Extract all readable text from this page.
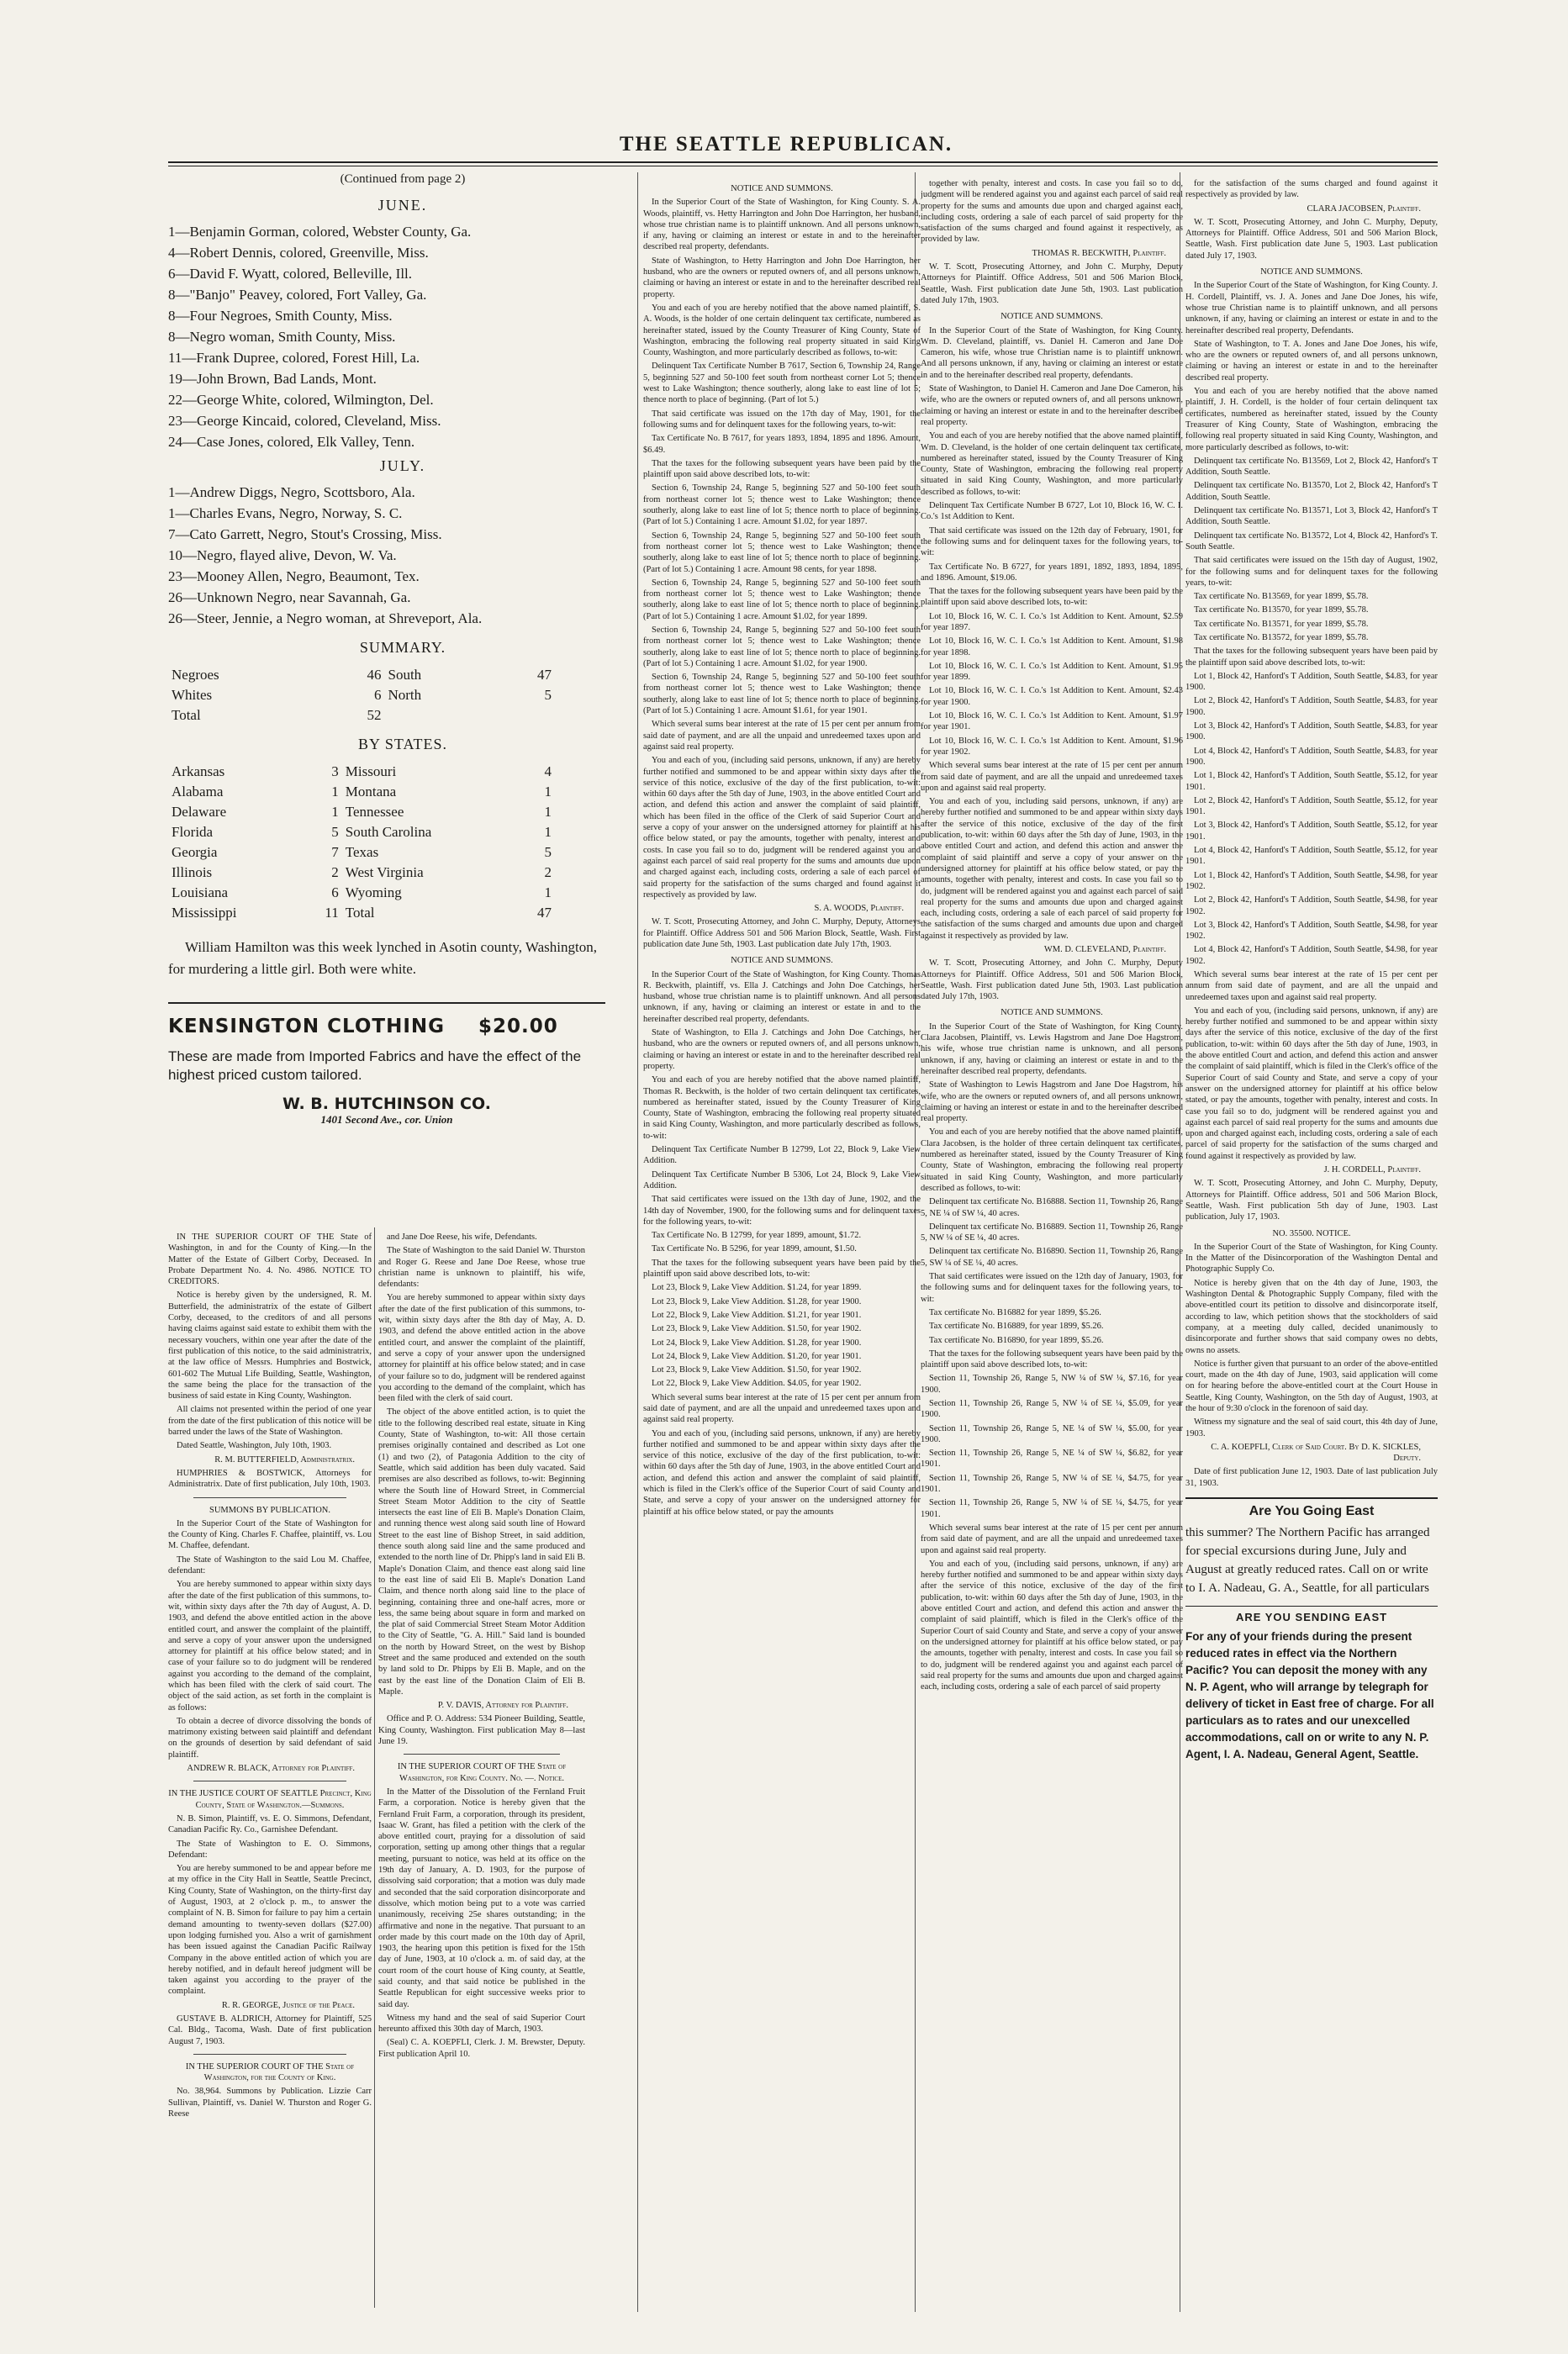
THE SEATTLE REPUBLICAN.
(Continued from page 2)
JUNE.
1—Benjamin Gorman, colored, Webster County, Ga.
4—Robert Dennis, colored, Greenville, Miss.
6—David F. Wyatt, colored, Belleville, Ill.
8—"Banjo" Peavey, colored, Fort Valley, Ga.
8—Four Negroes, Smith County, Miss.
8—Negro woman, Smith County, Miss.
11—Frank Dupree, colored, Forest Hill, La.
19—John Brown, Bad Lands, Mont.
22—George White, colored, Wilmington, Del.
23—George Kincaid, colored, Cleveland, Miss.
24—Case Jones, colored, Elk Valley, Tenn.
JULY.
1—Andrew Diggs, Negro, Scottsboro, Ala.
1—Charles Evans, Negro, Norway, S. C.
7—Cato Garrett, Negro, Stout's Crossing, Miss.
10—Negro, flayed alive, Devon, W. Va.
23—Mooney Allen, Negro, Beaumont, Tex.
26—Unknown Negro, near Savannah, Ga.
26—Steer, Jennie, a Negro woman, at Shreveport, Ala.
SUMMARY.
Negroes	46	South	47
Whites	6	North	5
Total	52		
BY STATES.
Arkansas	3	Missouri	4
Alabama	1	Montana	1
Delaware	1	Tennessee	1
Florida	5	South Carolina	1
Georgia	7	Texas	5
Illinois	2	West Virginia	2
Louisiana	6	Wyoming	1
Mississippi	11	Total	47
William Hamilton was this week lynched in Asotin county, Washington, for murdering a little girl. Both were white.
KENSINGTON CLOTHING $20.00
These are made from Imported Fabrics and have the effect of the highest priced custom tailored.
W. B. HUTCHINSON CO.
1401 Second Ave., cor. Union

IN THE SUPERIOR COURT OF THE State of Washington, in and for the County of King.—In the Matter of the Estate of Gilbert Corby, Deceased. In Probate Department No. 4. No. 4986. NOTICE TO CREDITORS.

Notice is hereby given by the undersigned, R. M. Butterfield, the administratrix of the estate of Gilbert Corby, deceased, to the creditors of and all persons having claims against said estate to exhibit them with the necessary vouchers, within one year after the date of the first publication of this notice, to the said administratrix, at the law office of Messrs. Humphries and Bostwick, 601-602 The Mutual Life Building, Seattle, Washington, the same being the place for the transaction of the business of said estate in King County, Washington.

All claims not presented within the period of one year from the date of the first publication of this notice will be barred under the laws of the State of Washington.

Dated Seattle, Washington, July 10th, 1903.

R. M. BUTTERFIELD, Administratrix.

HUMPHRIES & BOSTWICK, Attorneys for Administratrix. Date of first publication, July 10th, 1903.

SUMMONS BY PUBLICATION.

In the Superior Court of the State of Washington for the County of King. Charles F. Chaffee, plaintiff, vs. Lou M. Chaffee, defendant.

The State of Washington to the said Lou M. Chaffee, defendant:

You are hereby summoned to appear within sixty days after the date of the first publication of this summons, to-wit, within sixty days after the 7th day of August, A. D. 1903, and defend the above entitled action in the above entitled court, and answer the complaint of the plaintiff, and serve a copy of your answer upon the undersigned attorney for plaintiff at his office below stated; and in case of your failure so to do judgment will be rendered against you according to the demand of the complaint, which has been filed with the clerk of said court. The object of the said action, as set forth in the complaint is as follows:

To obtain a decree of divorce dissolving the bonds of matrimony existing between said plaintiff and defendant on the grounds of desertion by said defendant of said plaintiff.

ANDREW R. BLACK, Attorney for Plaintiff.

IN THE JUSTICE COURT OF SEATTLE Precinct, King County, State of Washington.—Summons.

N. B. Simon, Plaintiff, vs. E. O. Simmons, Defendant, Canadian Pacific Ry. Co., Garnishee Defendant.

The State of Washington to E. O. Simmons, Defendant:

You are hereby summoned to be and appear before me at my office in the City Hall in Seattle, Seattle Precinct, King County, State of Washington, on the thirty-first day of August, 1903, at 2 o'clock p. m., to answer the complaint of N. B. Simon for failure to pay him a certain demand amounting to twenty-seven dollars ($27.00) upon lodging furnished you. Also a writ of garnishment has been issued against the Canadian Pacific Railway Company in the above entitled action of which you are hereby notified, and in default hereof judgment will be taken against you according to the prayer of the complaint.

R. R. GEORGE, Justice of the Peace.

GUSTAVE B. ALDRICH, Attorney for Plaintiff, 525 Cal. Bldg., Tacoma, Wash. Date of first publication August 7, 1903.

IN THE SUPERIOR COURT OF THE State of Washington, for the County of King.

No. 38,964. Summons by Publication. Lizzie Carr Sullivan, Plaintiff, vs. Daniel W. Thurston and Roger G. Reese

and Jane Doe Reese, his wife, Defendants.

The State of Washington to the said Daniel W. Thurston and Roger G. Reese and Jane Doe Reese, whose true christian name is unknown to plaintiff, his wife, defendants:

You are hereby summoned to appear within sixty days after the date of the first publication of this summons, to-wit, within sixty days after the 8th day of May, A. D. 1903, and defend the above entitled action in the above entitled court, and answer the complaint of the plaintiff, and serve a copy of your answer upon the undersigned attorney for plaintiff at his office below stated; and in case of your failure so to do, judgment will be rendered against you according to the demand of the complaint, which has been filed with the clerk of said court.

The object of the above entitled action, is to quiet the title to the following described real estate, situate in King County, State of Washington, to-wit: All those certain premises originally contained and described as Lot one (1) and two (2), of Patagonia Addition to the city of Seattle, which said addition has been duly vacated. Said premises are also described as follows, to-wit: Beginning where the South line of Howard Street, in Commercial Street Steam Motor Addition to the city of Seattle intersects the east line of Eli B. Maple's Donation Claim, and running thence west along said south line of Howard Street to the east line of Bishop Street, in said addition, thence south along said line and the same produced and extended to the north line of Dr. Phipp's land in said Eli B. Maple's Donation Claim, and thence east along said line to the east line of said Eli B. Maple's Donation Land Claim, and thence north along said line to the place of beginning, containing three and one-half acres, more or less, the same being about square in form and marked on the plat of said Commercial Street Steam Motor Addition to the City of Seattle, "G. A. Hill." Said land is bounded on the north by Howard Street, on the west by Bishop Street and the same produced and extended on the south by land sold to Dr. Phipps by Eli B. Maple, and on the east by the east line of the Donation Claim of Eli B. Maple.

P. V. DAVIS, Attorney for Plaintiff.

Office and P. O. Address: 534 Pioneer Building, Seattle, King County, Washington. First publication May 8—last June 19.

IN THE SUPERIOR COURT OF THE State of Washington, for King County. No. —. Notice.

In the Matter of the Dissolution of the Fernland Fruit Farm, a corporation. Notice is hereby given that the Fernland Fruit Farm, a corporation, through its president, Isaac W. Grant, has filed a petition with the clerk of the above entitled court, praying for a dissolution of said corporation, setting up among other things that a regular meeting, pursuant to notice, was held at its office on the 19th day of January, A. D. 1903, for the purpose of dissolving said corporation; that a motion was duly made and seconded that the said corporation disincorporate and dissolve, which motion being put to a vote was carried unanimously, receiving 25e shares outstanding; in the affirmative and none in the negative. That pursuant to an order made by this court made on the 10th day of April, 1903, the hearing upon this petition is fixed for the 15th day of June, 1903, at 10 o'clock a. m. of said day, at the court room of the court house of King county, at Seattle, said county, and that said notice be published in the Seattle Republican for eight successive weeks prior to said day.

Witness my hand and the seal of said Superior Court hereunto affixed this 30th day of March, 1903.

(Seal) C. A. KOEPFLI, Clerk. J. M. Brewster, Deputy. First publication April 10.

NOTICE AND SUMMONS.

In the Superior Court of the State of Washington, for King County. S. A. Woods, plaintiff, vs. Hetty Harrington and John Doe Harrington, her husband, whose true christian name is to plaintiff unknown. And all persons unknown, if any, having or claiming an interest or estate in and to the hereinafter described real property, defendants.

State of Washington, to Hetty Harrington and John Doe Harrington, her husband, who are the owners or reputed owners of, and all persons unknown, claiming or having an interest or estate in and to the hereinafter described real property.

You and each of you are hereby notified that the above named plaintiff, S. A. Woods, is the holder of one certain delinquent tax certificate, numbered as hereinafter stated, issued by the County Treasurer of King County, State of Washington, embracing the following real property situated in said King County, Washington, and more particularly described as follows, to-wit:

Delinquent Tax Certificate Number B 7617, Section 6, Township 24, Range 5, beginning 527 and 50-100 feet south from northeast corner Lot 5; thence west to Lake Washington; thence southerly, along lake to east line of lot 5; thence north to place of beginning. (Part of lot 5.)

That said certificate was issued on the 17th day of May, 1901, for the following sums and for delinquent taxes for the following years, to-wit:

Tax Certificate No. B 7617, for years 1893, 1894, 1895 and 1896. Amount, $6.49.

That the taxes for the following subsequent years have been paid by the plaintiff upon said above described lots, to-wit:

Section 6, Township 24, Range 5, beginning 527 and 50-100 feet south from northeast corner lot 5; thence west to Lake Washington; thence southerly, along lake to east line of lot 5; thence north to place of beginning. (Part of lot 5.) Containing 1 acre. Amount $1.02, for year 1897.

Section 6, Township 24, Range 5, beginning 527 and 50-100 feet south from northeast corner lot 5; thence west to Lake Washington; thence southerly, along lake to east line of lot 5; thence north to place of beginning. (Part of lot 5.) Containing 1 acre. Amount 98 cents, for year 1898.

Section 6, Township 24, Range 5, beginning 527 and 50-100 feet south from northeast corner lot 5; thence west to Lake Washington; thence southerly, along lake to east line of lot 5; thence north to place of beginning. (Part of lot 5.) Containing 1 acre. Amount $1.02, for year 1899.

Section 6, Township 24, Range 5, beginning 527 and 50-100 feet south from northeast corner lot 5; thence west to Lake Washington; thence southerly, along lake to east line of lot 5; thence north to place of beginning. (Part of lot 5.) Containing 1 acre. Amount $1.02, for year 1900.

Section 6, Township 24, Range 5, beginning 527 and 50-100 feet south from northeast corner lot 5; thence west to Lake Washington; thence southerly, along lake to east line of lot 5; thence north to place of beginning. (Part of lot 5.) Containing 1 acre. Amount $1.61, for year 1901.

Which several sums bear interest at the rate of 15 per cent per annum from said date of payment, and are all the unpaid and unredeemed taxes upon and against said real property.

You and each of you, (including said persons, unknown, if any) are hereby further notified and summoned to be and appear within sixty days after the service of this notice, exclusive of the day of the first publication, to-wit: within 60 days after the 5th day of June, 1903, in the above entitled Court and action, and defend this action and answer the complaint of said plaintiff, which has been filed in the office of the Clerk of said Superior Court and serve a copy of your answer on the undersigned attorney for plaintiff at his office below stated, or pay the amounts, together with penalty, interest and costs. In case you fail so to do, judgment will be rendered against you and against each parcel of said real property for the sums and amounts due upon and charged against each, including costs, ordering a sale of each parcel of said property for the satisfaction of the sums charged and found against it respectively as provided by law.

S. A. WOODS, Plaintiff.

W. T. Scott, Prosecuting Attorney, and John C. Murphy, Deputy, Attorneys for Plaintiff. Office Address 501 and 506 Marion Block, Seattle, Wash. First publication date June 5th, 1903. Last publication date July 17th, 1903.

NOTICE AND SUMMONS.

In the Superior Court of the State of Washington, for King County. Thomas R. Beckwith, plaintiff, vs. Ella J. Catchings and John Doe Catchings, her husband, whose true christian name is to plaintiff unknown. And all persons unknown, if any, having or claiming an interest or estate in and to the hereinafter described real property, defendants.

State of Washington, to Ella J. Catchings and John Doe Catchings, her husband, who are the owners or reputed owners of, and all persons unknown, claiming or having an interest or estate in and to the hereinafter described real property.

You and each of you are hereby notified that the above named plaintiff, Thomas R. Beckwith, is the holder of two certain delinquent tax certificates, numbered as hereinafter stated, issued by the County Treasurer of King County, State of Washington, embracing the following real property situated in said King County, Washington, and more particularly described as follows, to-wit:

Delinquent Tax Certificate Number B 12799, Lot 22, Block 9, Lake View Addition.

Delinquent Tax Certificate Number B 5306, Lot 24, Block 9, Lake View Addition.

That said certificates were issued on the 13th day of June, 1902, and the 14th day of November, 1900, for the following sums and for delinquent taxes for the following years, to-wit:

Tax Certificate No. B 12799, for year 1899, amount, $1.72.

Tax Certificate No. B 5296, for year 1899, amount, $1.50.

That the taxes for the following subsequent years have been paid by the plaintiff upon said above described lots, to-wit:

Lot 23, Block 9, Lake View Addition. $1.24, for year 1899.

Lot 23, Block 9, Lake View Addition. $1.28, for year 1900.

Lot 22, Block 9, Lake View Addition. $1.21, for year 1901.

Lot 23, Block 9, Lake View Addition. $1.50, for year 1902.

Lot 24, Block 9, Lake View Addition. $1.28, for year 1900.

Lot 24, Block 9, Lake View Addition. $1.20, for year 1901.

Lot 23, Block 9, Lake View Addition. $1.50, for year 1902.

Lot 22, Block 9, Lake View Addition. $4.05, for year 1902.

Which several sums bear interest at the rate of 15 per cent per annum from said date of payment, and are all the unpaid and unredeemed taxes upon and against said real property.

You and each of you, (including said persons, unknown, if any) are hereby further notified and summoned to be and appear within sixty days after the service of this notice, exclusive of the day of the first publication, to-wit: within 60 days after the 5th day of June, 1903, in the above entitled Court and action, and defend this action and answer the complaint of said plaintiff, which is filed in the Clerk's office of the Superior Court of said County and State, and serve a copy of your answer on the undersigned attorney for plaintiff at his office below stated, or pay the amounts

together with penalty, interest and costs. In case you fail so to do, judgment will be rendered against you and against each parcel of said real property for the sums and amounts due upon and charged against each, including costs, ordering a sale of each parcel of said property for the satisfaction of the sums charged and found against it respectively, as provided by law.

THOMAS R. BECKWITH, Plaintiff.

W. T. Scott, Prosecuting Attorney, and John C. Murphy, Deputy Attorneys for Plaintiff. Office Address, 501 and 506 Marion Block, Seattle, Wash. First publication date June 5th, 1903. Last publication dated July 17th, 1903.

NOTICE AND SUMMONS.

In the Superior Court of the State of Washington, for King County. Wm. D. Cleveland, plaintiff, vs. Daniel H. Cameron and Jane Doe Cameron, his wife, whose true Christian name is to plaintiff unknown. And all persons unknown, if any, having or claiming an interest or estate in and to the hereinafter described real property, defendants.

State of Washington, to Daniel H. Cameron and Jane Doe Cameron, his wife, who are the owners or reputed owners of, and all persons unknown, claiming or having an interest or estate in and to the hereinafter described real property.

You and each of you are hereby notified that the above named plaintiff, Wm. D. Cleveland, is the holder of one certain delinquent tax certificate, numbered as hereinafter stated, issued by the County Treasurer of King County, State of Washington, embracing the following real property situated in said King County, Washington, and more particularly described as follows, to-wit:

Delinquent Tax Certificate Number B 6727, Lot 10, Block 16, W. C. I. Co.'s 1st Addition to Kent.

That said certificate was issued on the 12th day of February, 1901, for the following sums and for delinquent taxes for the following years, to-wit:

Tax Certificate No. B 6727, for years 1891, 1892, 1893, 1894, 1895, and 1896. Amount, $19.06.

That the taxes for the following subsequent years have been paid by the plaintiff upon said above described lots, to-wit:

Lot 10, Block 16, W. C. I. Co.'s 1st Addition to Kent. Amount, $2.59 for year 1897.

Lot 10, Block 16, W. C. I. Co.'s 1st Addition to Kent. Amount, $1.98 for year 1898.

Lot 10, Block 16, W. C. I. Co.'s 1st Addition to Kent. Amount, $1.95 for year 1899.

Lot 10, Block 16, W. C. I. Co.'s 1st Addition to Kent. Amount, $2.43 for year 1900.

Lot 10, Block 16, W. C. I. Co.'s 1st Addition to Kent. Amount, $1.97 for year 1901.

Lot 10, Block 16, W. C. I. Co.'s 1st Addition to Kent. Amount, $1.96 for year 1902.

Which several sums bear interest at the rate of 15 per cent per annum from said date of payment, and are all the unpaid and unredeemed taxes upon and against said real property.

You and each of you, including said persons, unknown, if any) are hereby further notified and summoned to be and appear within sixty days after the service of this notice, exclusive of the day of the first publication, to-wit: within 60 days after the 5th day of June, 1903, in the above entitled Court and action, and defend this action and answer the complaint of said plaintiff and serve a copy of your answer on the undersigned attorney for plaintiff at his office below stated, or pay the amounts, together with penalty, interest and costs. In case you fail so to do, judgment will be rendered against you and against each parcel of said real property for the sums and amounts due upon and charged against each, including costs, ordering a sale of each parcel of said property for the satisfaction of the sums charged and amounts due upon and charged against it respectively as provided by law.

WM. D. CLEVELAND, Plaintiff.

W. T. Scott, Prosecuting Attorney, and John C. Murphy, Deputy Attorneys for Plaintiff. Office Address, 501 and 506 Marion Block, Seattle, Wash. First publication dated June 5th, 1903. Last publication dated July 17th, 1903.

NOTICE AND SUMMONS.

In the Superior Court of the State of Washington, for King County. Clara Jacobsen, Plaintiff, vs. Lewis Hagstrom and Jane Doe Hagstrom, his wife, whose true christian name is unknown, and all persons unknown, if any, having or claiming an interest or estate in and to the hereinafter described real property, defendants.

State of Washington to Lewis Hagstrom and Jane Doe Hagstrom, his wife, who are the owners or reputed owners of, and all persons unknown, claiming or having an interest or estate in and to the hereinafter described real property.

You and each of you are hereby notified that the above named plaintiff, Clara Jacobsen, is the holder of three certain delinquent tax certificates, numbered as hereinafter stated, issued by the County Treasurer of King County, State of Washington, embracing the following real property situated in said King County, Washington, and more particularly described as follows, to-wit:

Delinquent tax certificate No. B16888. Section 11, Township 26, Range 5, NE ¼ of SW ¼, 40 acres.

Delinquent tax certificate No. B16889. Section 11, Township 26, Range 5, NW ¼ of SE ¼, 40 acres.

Delinquent tax certificate No. B16890. Section 11, Township 26, Range 5, SW ¼ of SE ¼, 40 acres.

That said certificates were issued on the 12th day of January, 1903, for the following sums and for delinquent taxes for the following years, to-wit:

Tax certificate No. B16882 for year 1899, $5.26.

Tax certificate No. B16889, for year 1899, $5.26.

Tax certificate No. B16890, for year 1899, $5.26.

That the taxes for the following subsequent years have been paid by the plaintiff upon said above described lots, to-wit:

Section 11, Township 26, Range 5, NW ¼ of SW ¼, $7.16, for year 1900.

Section 11, Township 26, Range 5, NW ¼ of SE ¼, $5.09, for year 1900.

Section 11, Township 26, Range 5, NE ¼ of SW ¼, $5.00, for year 1900.

Section 11, Township 26, Range 5, NE ¼ of SW ¼, $6.82, for year 1901.

Section 11, Township 26, Range 5, NW ¼ of SE ¼, $4.75, for year 1901.

Section 11, Township 26, Range 5, NW ¼ of SE ¼, $4.75, for year 1901.

Which several sums bear interest at the rate of 15 per cent per annum from said date of payment, and are all the unpaid and unredeemed taxes upon and against said real property.

You and each of you, (including said persons, unknown, if any) are hereby further notified and summoned to be and appear within sixty days after the service of this notice, exclusive of the day of the first publication, to-wit: within 60 days after the 5th day of June, 1903, in the above entitled Court and action, and defend this action and answer the complaint of said plaintiff, which is filed in the Clerk's office of the Superior Court of said County and State, and serve a copy of your answer on the undersigned attorney for plaintiff at his office below stated, or pay the amounts, together with penalty, interest and costs. In case you fail so to do, judgment will be rendered against you and against each parcel of said real property for the sums and amounts due upon and charged against each, including costs, ordering a sale of each parcel of said property

for the satisfaction of the sums charged and found against it respectively as provided by law.

CLARA JACOBSEN, Plaintiff.

W. T. Scott, Prosecuting Attorney, and John C. Murphy, Deputy, Attorneys for Plaintiff. Office Address, 501 and 506 Marion Block, Seattle, Wash. First publication date June 5, 1903. Last publication dated July 17, 1903.

NOTICE AND SUMMONS.

In the Superior Court of the State of Washington, for King County. J. H. Cordell, Plaintiff, vs. J. A. Jones and Jane Doe Jones, his wife, whose true Christian name is to plaintiff unknown, and all persons unknown, if any, having or claiming an interest or estate in and to the hereinafter described real property, Defendants.

State of Washington, to T. A. Jones and Jane Doe Jones, his wife, who are the owners or reputed owners of, and all persons unknown, claiming or having an interest or estate in and to the hereinafter described real property.

You and each of you are hereby notified that the above named plaintiff, J. H. Cordell, is the holder of four certain delinquent tax certificates, numbered as hereinafter stated, issued by the County Treasurer of King County, State of Washington, embracing the following real property situated in said King County, Washington, and more particularly described as follows, to-wit:

Delinquent tax certificate No. B13569, Lot 2, Block 42, Hanford's T Addition, South Seattle.

Delinquent tax certificate No. B13570, Lot 2, Block 42, Hanford's T Addition, South Seattle.

Delinquent tax certificate No. B13571, Lot 3, Block 42, Hanford's T Addition, South Seattle.

Delinquent tax certificate No. B13572, Lot 4, Block 42, Hanford's T. South Seattle.

That said certificates were issued on the 15th day of August, 1902, for the following sums and for delinquent taxes for the following years, to-wit:

Tax certificate No. B13569, for year 1899, $5.78.

Tax certificate No. B13570, for year 1899, $5.78.

Tax certificate No. B13571, for year 1899, $5.78.

Tax certificate No. B13572, for year 1899, $5.78.

That the taxes for the following subsequent years have been paid by the plaintiff upon said above described lots, to-wit:

Lot 1, Block 42, Hanford's T Addition, South Seattle, $4.83, for year 1900.

Lot 2, Block 42, Hanford's T Addition, South Seattle, $4.83, for year 1900.

Lot 3, Block 42, Hanford's T Addition, South Seattle, $4.83, for year 1900.

Lot 4, Block 42, Hanford's T Addition, South Seattle, $4.83, for year 1900.

Lot 1, Block 42, Hanford's T Addition, South Seattle, $5.12, for year 1901.

Lot 2, Block 42, Hanford's T Addition, South Seattle, $5.12, for year 1901.

Lot 3, Block 42, Hanford's T Addition, South Seattle, $5.12, for year 1901.

Lot 4, Block 42, Hanford's T Addition, South Seattle, $5.12, for year 1901.

Lot 1, Block 42, Hanford's T Addition, South Seattle, $4.98, for year 1902.

Lot 2, Block 42, Hanford's T Addition, South Seattle, $4.98, for year 1902.

Lot 3, Block 42, Hanford's T Addition, South Seattle, $4.98, for year 1902.

Lot 4, Block 42, Hanford's T Addition, South Seattle, $4.98, for year 1902.

Which several sums bear interest at the rate of 15 per cent per annum from said date of payment, and are all the unpaid and unredeemed taxes upon and against said real property.

You and each of you, (including said persons, unknown, if any) are hereby further notified and summoned to be and appear within sixty days after the service of this notice, exclusive of the day of the first publication, to-wit: within 60 days after the 5th day of June, 1903, in the above entitled Court and action, and defend this action and answer the complaint of said plaintiff, which is filed in the Clerk's office of the Superior Court of said County and State, and serve a copy of your answer on the undersigned attorney for plaintiff at his office below stated, or pay the amounts, together with penalty, interest and costs. In case you fail so to do, judgment will be rendered against you and against each parcel of said real property for the sums and amounts due upon and charged against each, including costs, ordering a sale of each parcel of said property for the satisfaction of the sums charged and found against it respectively as provided by law.

J. H. CORDELL, Plaintiff.

W. T. Scott, Prosecuting Attorney, and John C. Murphy, Deputy, Attorneys for Plaintiff. Office address, 501 and 506 Marion Block, Seattle, Wash. First publication 5th day of June, 1903. Last publication, July 17, 1903.

NO. 35500. NOTICE.

In the Superior Court of the State of Washington, for King County. In the Matter of the Disincorporation of the Washington Dental and Photographic Supply Co.

Notice is hereby given that on the 4th day of June, 1903, the Washington Dental & Photographic Supply Company, filed with the above-entitled court its petition to dissolve and disincorporate itself, according to law, which petition shows that the stockholders of said company, at a meeting duly called, decided unanimously to disincorporate and further shows that said company owes no debts, owns no assets.

Notice is further given that pursuant to an order of the above-entitled court, made on the 4th day of June, 1903, said application will come on for hearing before the above-entitled court at the Court House in Seattle, King County, Washington, on the 5th day of August, 1903, at the hour of 9:30 o'clock in the forenoon of said day.

Witness my signature and the seal of said court, this 4th day of June, 1903.

C. A. KOEPFLI, Clerk of Said Court. By D. K. SICKLES, Deputy.

Date of first publication June 12, 1903. Date of last publication July 31, 1903.

Are You Going East
this summer? The Northern Pacific has arranged for special excursions during June, July and August at greatly reduced rates. Call on or write to I. A. Nadeau, G. A., Seattle, for all particulars
ARE YOU SENDING EAST
For any of your friends during the present reduced rates in effect via the Northern Pacific? You can deposit the money with any N. P. Agent, who will arrange by telegraph for delivery of ticket in East free of charge. For all particulars as to rates and our unexcelled accommodations, call on or write to any N. P. Agent, I. A. Nadeau, General Agent, Seattle.
